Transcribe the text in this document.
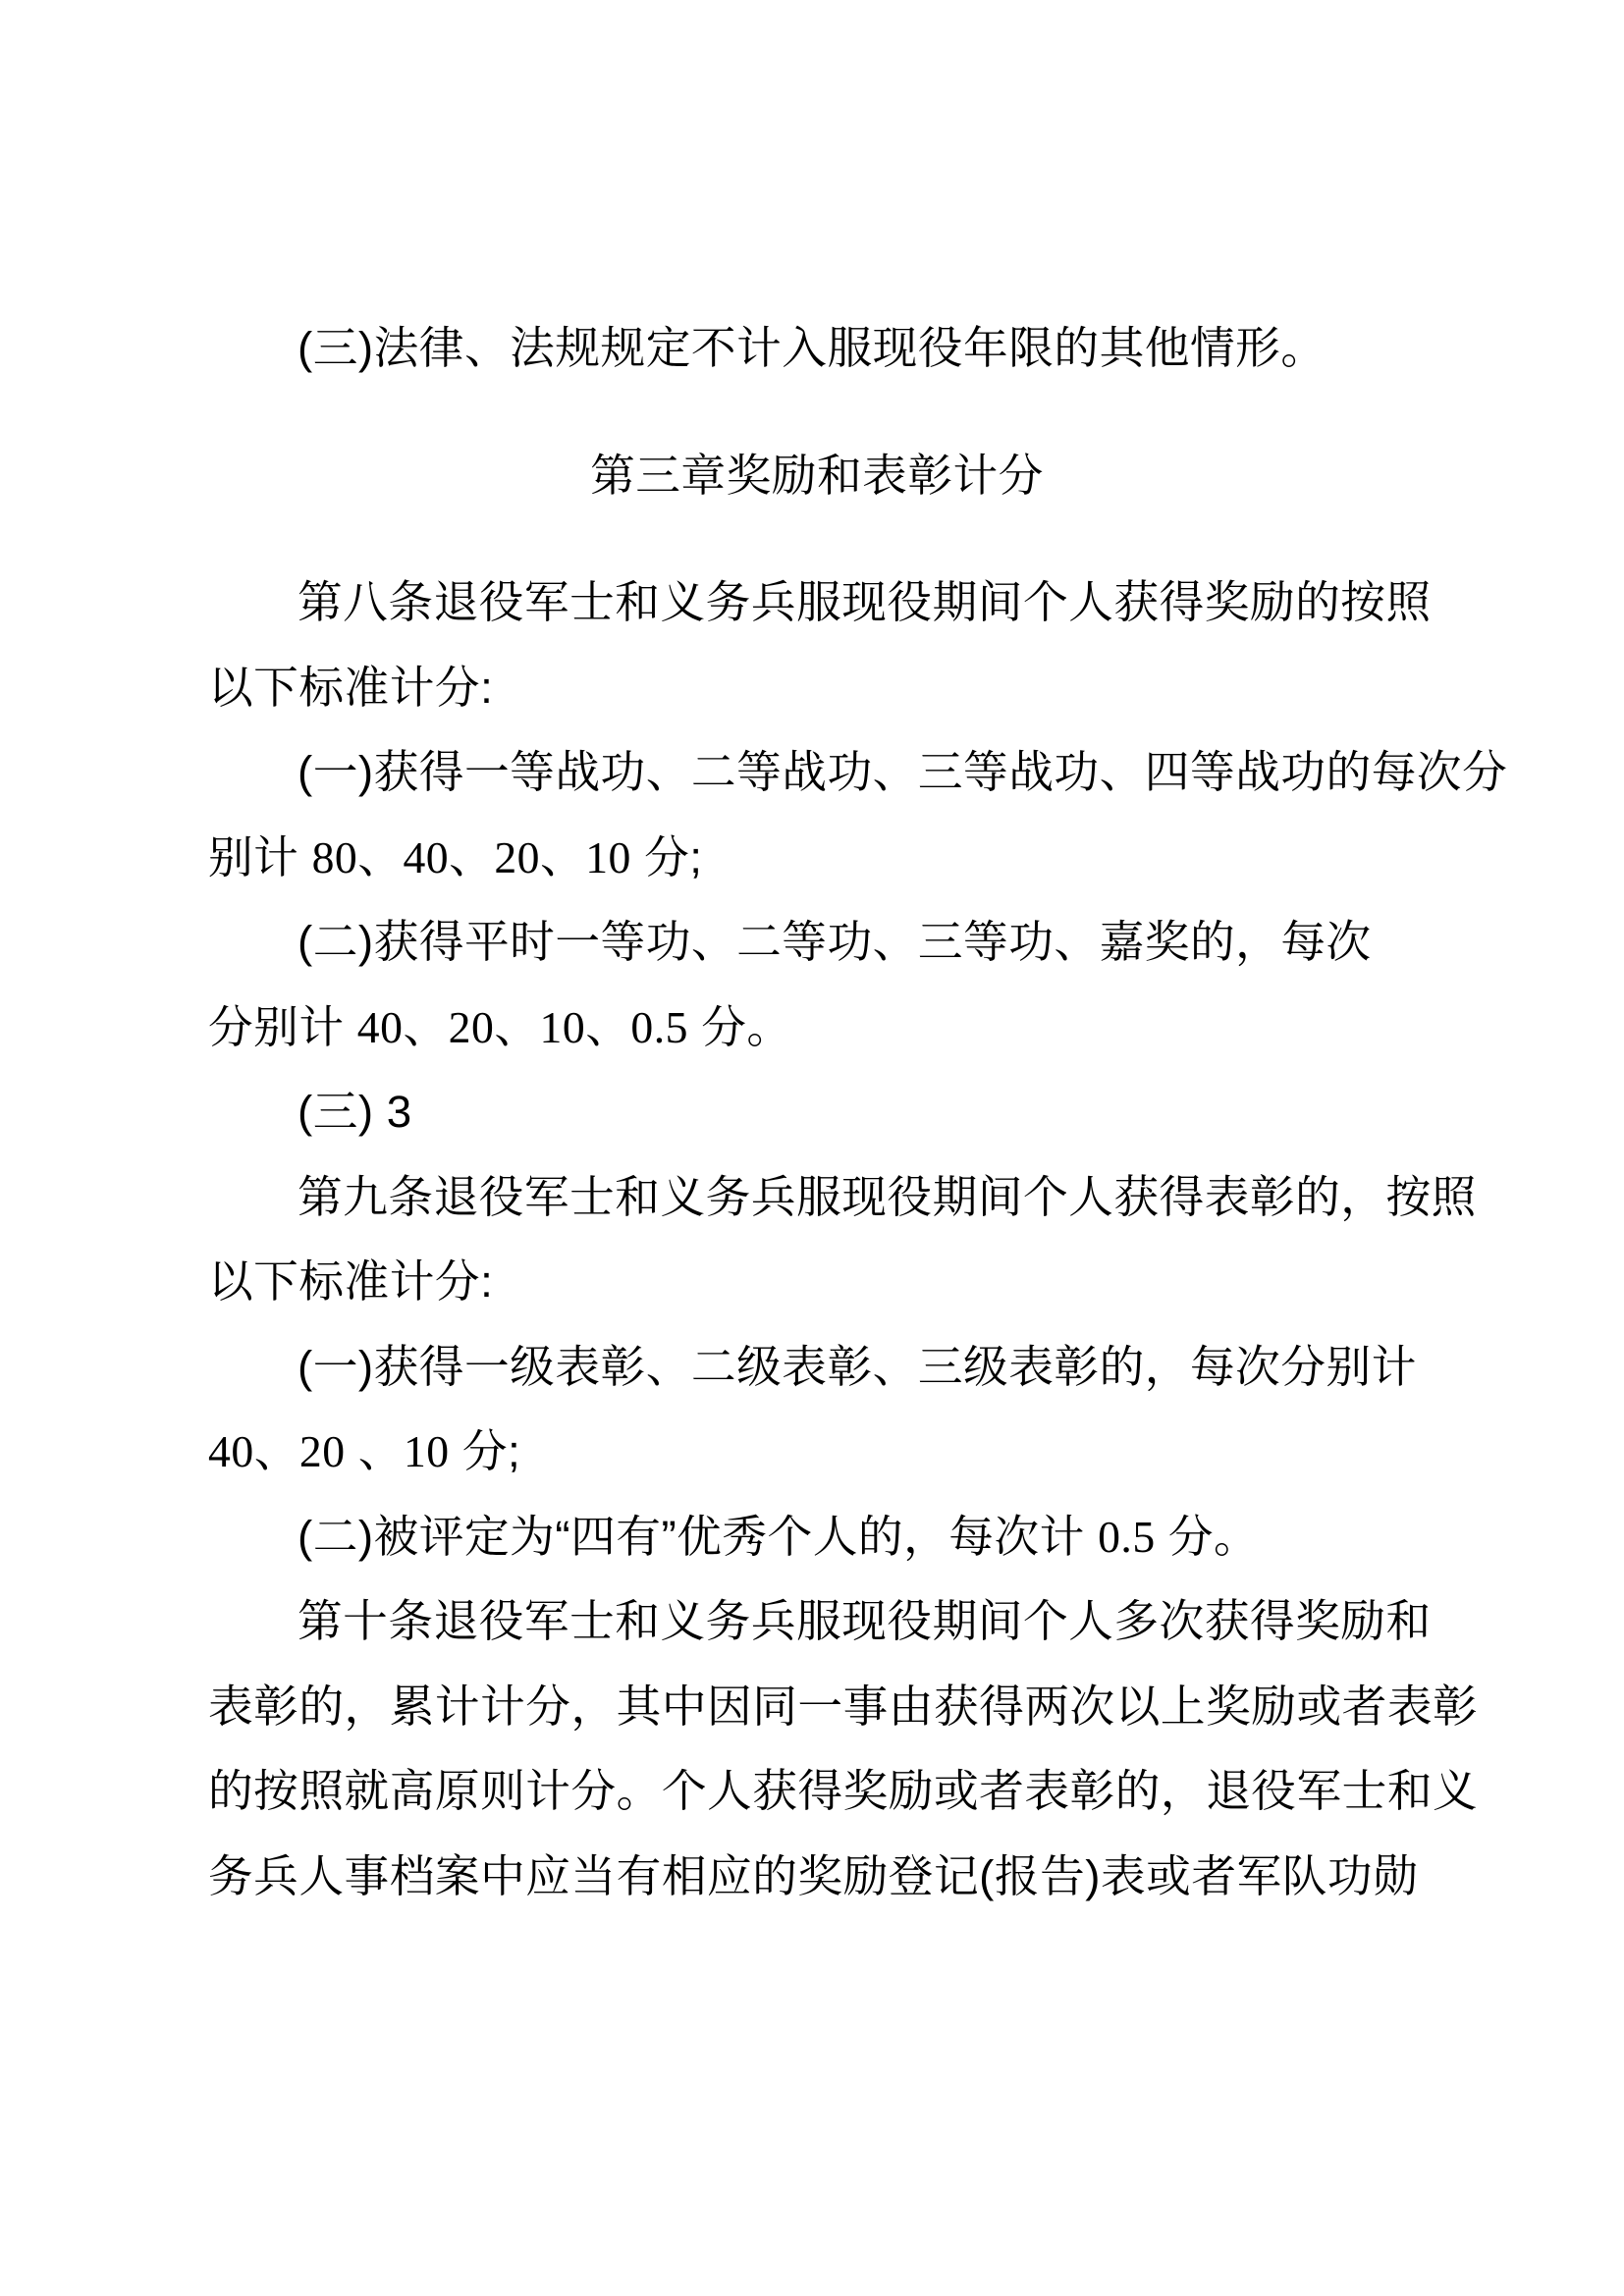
(三)法律、法规规定不计入服现役年限的其他情形。
第三章奖励和表彰计分
第八条退役军士和义务兵服现役期间个人获得奖励的按照
以下标准计分:
(一)获得一等战功、二等战功、三等战功、四等战功的每次分
别计 80、40、20、10 分;
(二)获得平时一等功、二等功、三等功、嘉奖的，每次
分别计 40、20、10、0.5 分。
(三) 3
第九条退役军士和义务兵服现役期间个人获得表彰的，按照
以下标准计分:
(一)获得一级表彰、二级表彰、三级表彰的，每次分别计
40、20 、10 分;
(二)被评定为“四有”优秀个人的，每次计 0.5 分。
第十条退役军士和义务兵服现役期间个人多次获得奖励和
表彰的，累计计分，其中因同一事由获得两次以上奖励或者表彰
的按照就高原则计分。个人获得奖励或者表彰的，退役军士和义
务兵人事档案中应当有相应的奖励登记(报告)表或者军队功勋
